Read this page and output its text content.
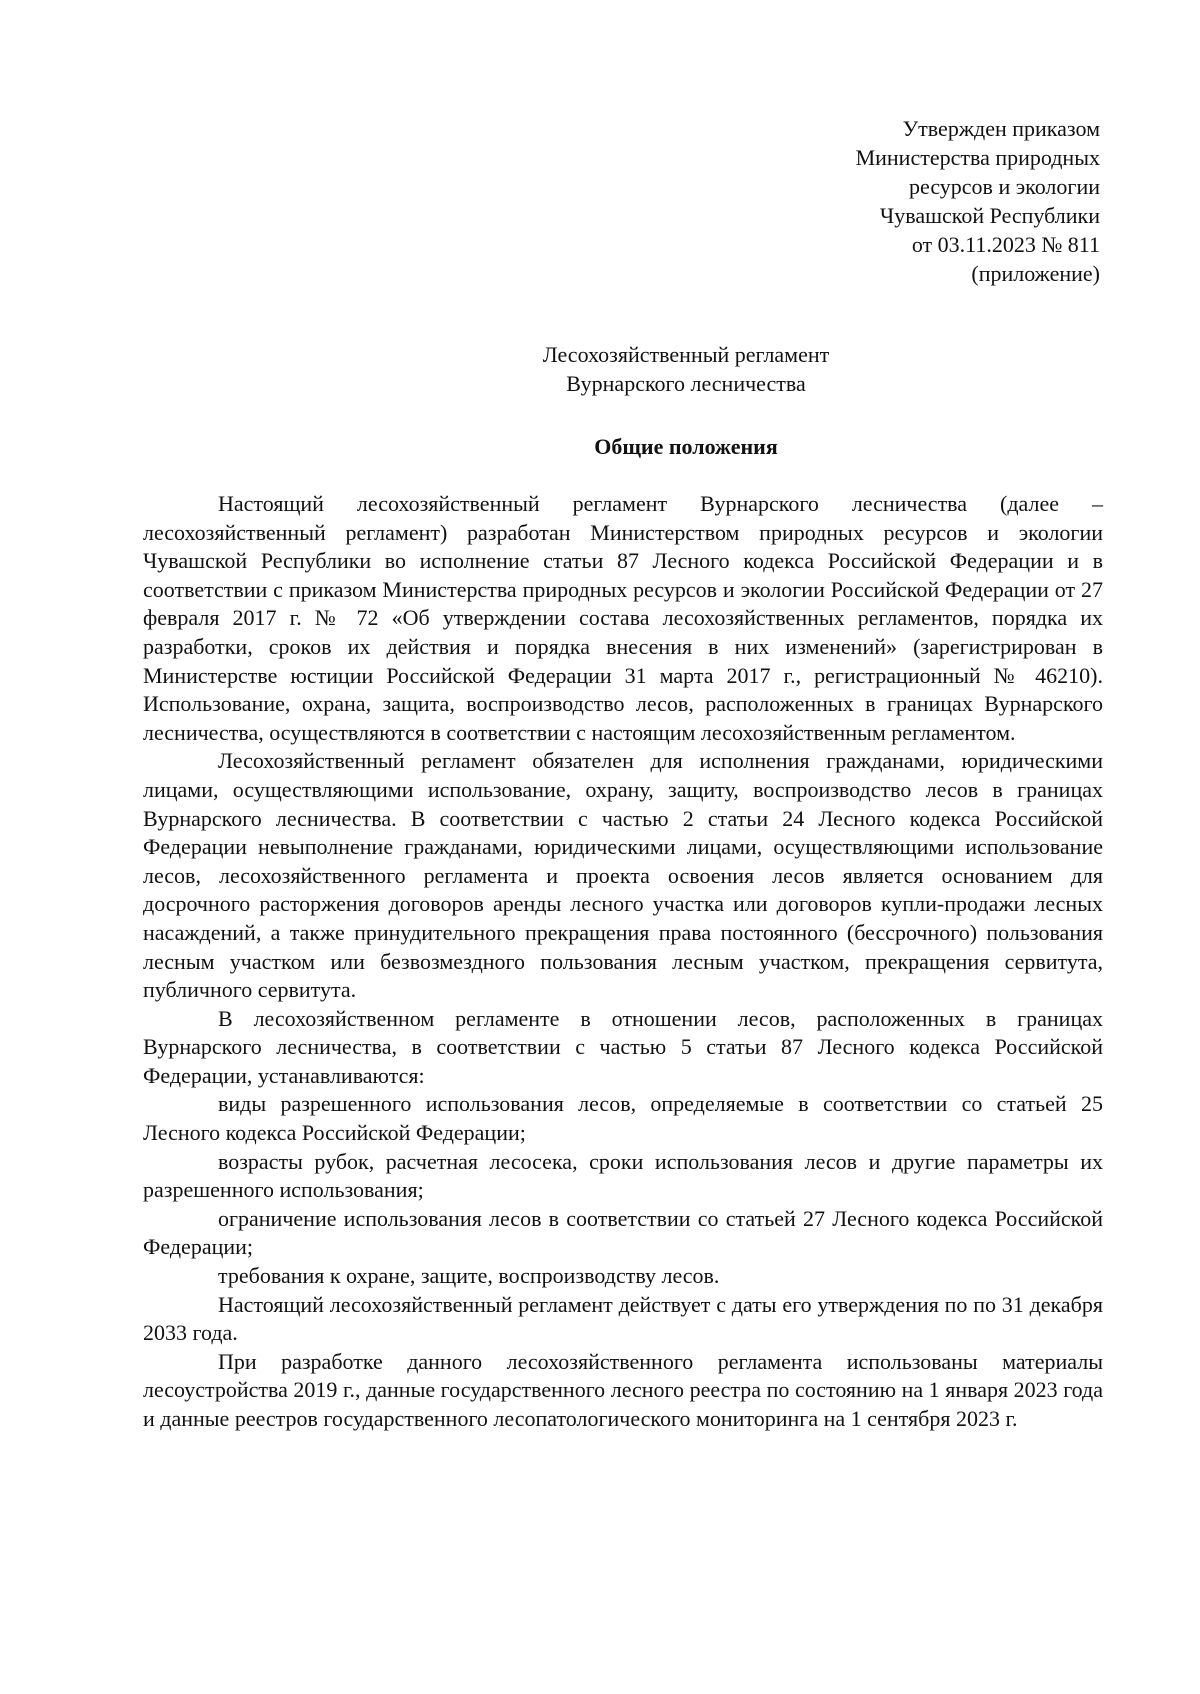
Утвержден приказом
Министерства природных
ресурсов и экологии
Чувашской Республики
от 03.11.2023 № 811
(приложение)
Лесохозяйственный регламент
Вурнарского лесничества
Общие положения

Настоящий лесохозяйственный регламент Вурнарского лесничества (далее – лесохозяйственный регламент) разработан Министерством природных ресурсов и экологии Чувашской Республики во исполнение статьи 87 Лесного кодекса Российской Федерации и в соответствии с приказом Министерства природных ресурсов и экологии Российской Федерации от 27 февраля 2017 г. № 72 «Об утверждении состава лесохозяйственных регламентов, порядка их разработки, сроков их действия и порядка внесения в них изменений» (зарегистрирован в Министерстве юстиции Российской Федерации 31 марта 2017 г., регистрационный № 46210). Использование, охрана, защита, воспроизводство лесов, расположенных в границах Вурнарского лесничества, осуществляются в соответствии с настоящим лесохозяйственным регламентом.

Лесохозяйственный регламент обязателен для исполнения гражданами, юридическими лицами, осуществляющими использование, охрану, защиту, воспроизводство лесов в границах Вурнарского лесничества. В соответствии с частью 2 статьи 24 Лесного кодекса Российской Федерации невыполнение гражданами, юридическими лицами, осуществляющими использование лесов, лесохозяйственного регламента и проекта освоения лесов является основанием для досрочного расторжения договоров аренды лесного участка или договоров купли-продажи лесных насаждений, а также принудительного прекращения права постоянного (бессрочного) пользования лесным участком или безвозмездного пользования лесным участком, прекращения сервитута, публичного сервитута.

В лесохозяйственном регламенте в отношении лесов, расположенных в границах Вурнарского лесничества, в соответствии с частью 5 статьи 87 Лесного кодекса Российской Федерации, устанавливаются:

виды разрешенного использования лесов, определяемые в соответствии со статьей 25 Лесного кодекса Российской Федерации;

возрасты рубок, расчетная лесосека, сроки использования лесов и другие параметры их разрешенного использования;

ограничение использования лесов в соответствии со статьей 27 Лесного кодекса Российской Федерации;

требования к охране, защите, воспроизводству лесов.

Настоящий лесохозяйственный регламент действует с даты его утверждения по по 31 декабря 2033 года.

При разработке данного лесохозяйственного регламента использованы материалы лесоустройства 2019 г., данные государственного лесного реестра по состоянию на 1 января 2023 года и данные реестров государственного лесопатологического мониторинга на 1 сентября 2023 г.
